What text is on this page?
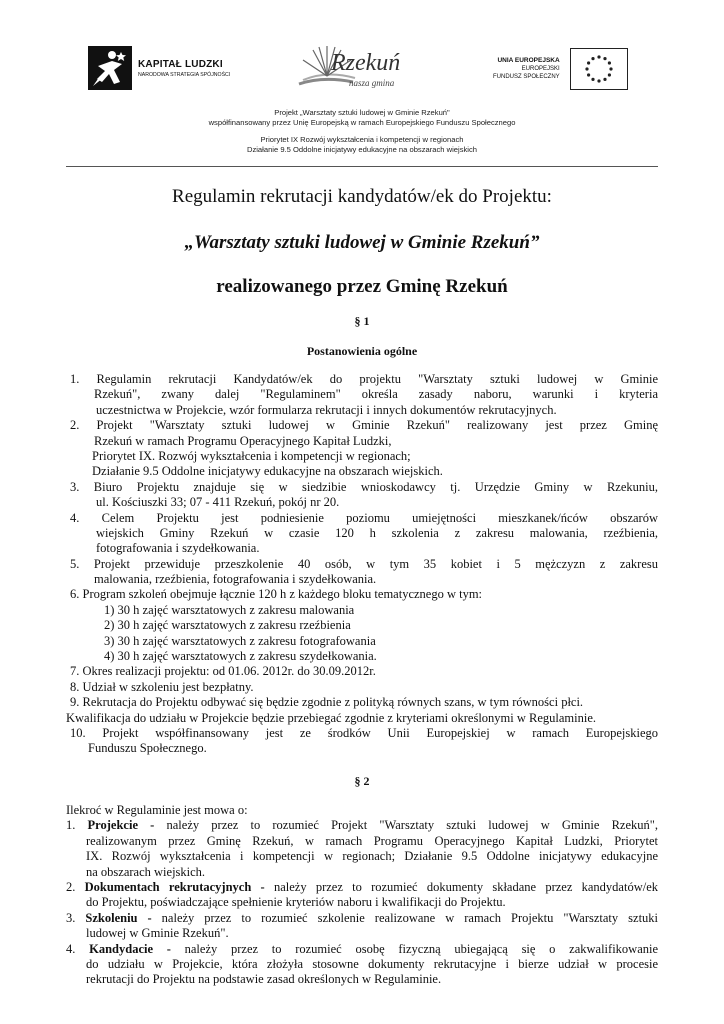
KAPITAŁ LUDZKI
NARODOWA STRATEGIA SPÓJNOŚCI	Rzekuń
nasza gmina
UNIA EUROPEJSKA
EUROPEJSKI
FUNDUSZ SPOŁECZNY
Projekt „Warsztaty sztuki ludowej w Gminie Rzekuń"
współfinansowany przez Unię Europejską w ramach Europejskiego Funduszu Społecznego
Priorytet IX Rozwój wykształcenia i kompetencji w regionach
Działanie 9.5 Oddolne inicjatywy edukacyjne na obszarach wiejskich
Regulamin rekrutacji kandydatów/ek do Projektu:
„Warsztaty sztuki ludowej w Gminie Rzekuń”
realizowanego przez Gminę Rzekuń
§ 1
Postanowienia ogólne
1. Regulamin rekrutacji Kandydatów/ek do projektu "Warsztaty sztuki ludowej w Gminie
Rzekuń", zwany dalej "Regulaminem" określa zasady naboru, warunki i kryteria
uczestnictwa w Projekcie, wzór formularza rekrutacji i innych dokumentów rekrutacyjnych.
2. Projekt "Warsztaty sztuki ludowej w Gminie Rzekuń" realizowany jest przez Gminę
Rzekuń w ramach Programu Operacyjnego Kapitał Ludzki,
Priorytet IX. Rozwój wykształcenia i kompetencji w regionach;
Działanie 9.5 Oddolne inicjatywy edukacyjne na obszarach wiejskich.
3. Biuro Projektu znajduje się w siedzibie wnioskodawcy tj. Urzędzie Gminy w Rzekuniu,
ul. Kościuszki 33; 07 - 411 Rzekuń, pokój nr 20.
4. Celem Projektu jest podniesienie poziomu umiejętności mieszkanek/ńców obszarów
wiejskich Gminy Rzekuń w czasie 120 h szkolenia z zakresu malowania, rzeźbienia,
fotografowania i szydełkowania.
5. Projekt przewiduje przeszkolenie 40 osób, w tym 35 kobiet i 5 mężczyzn z zakresu
malowania, rzeźbienia, fotografowania i szydełkowania.
6. Program szkoleń obejmuje łącznie 120 h z każdego bloku tematycznego w tym:
1) 30 h zajęć warsztatowych z zakresu malowania
2) 30 h zajęć warsztatowych z zakresu rzeźbienia
3) 30 h zajęć warsztatowych z zakresu fotografowania
4) 30 h zajęć warsztatowych z zakresu szydełkowania.
7. Okres realizacji projektu: od 01.06. 2012r. do 30.09.2012r.
8. Udział w szkoleniu jest bezpłatny.
9. Rekrutacja do Projektu odbywać się będzie zgodnie z polityką równych szans, w tym równości płci.
Kwalifikacja do udziału w Projekcie będzie przebiegać zgodnie z kryteriami określonymi w Regulaminie.
10. Projekt współfinansowany jest ze środków Unii Europejskiej w ramach Europejskiego
Funduszu Społecznego.
§ 2
Ilekroć w Regulaminie jest mowa o:
1. Projekcie - należy przez to rozumieć Projekt "Warsztaty sztuki ludowej w Gminie Rzekuń",
realizowanym przez Gminę Rzekuń, w ramach Programu Operacyjnego Kapitał Ludzki, Priorytet
IX. Rozwój wykształcenia i kompetencji w regionach; Działanie 9.5 Oddolne inicjatywy edukacyjne
na obszarach wiejskich.
2. Dokumentach rekrutacyjnych - należy przez to rozumieć dokumenty składane przez kandydatów/ek
do Projektu, poświadczające spełnienie kryteriów naboru i kwalifikacji do Projektu.
3. Szkoleniu - należy przez to rozumieć szkolenie realizowane w ramach Projektu "Warsztaty sztuki
ludowej w Gminie Rzekuń".
4. Kandydacie - należy przez to rozumieć osobę fizyczną ubiegającą się o zakwalifikowanie
do udziału w Projekcie, która złożyła stosowne dokumenty rekrutacyjne i bierze udział w procesie
rekrutacji do Projektu na podstawie zasad określonych w Regulaminie.
